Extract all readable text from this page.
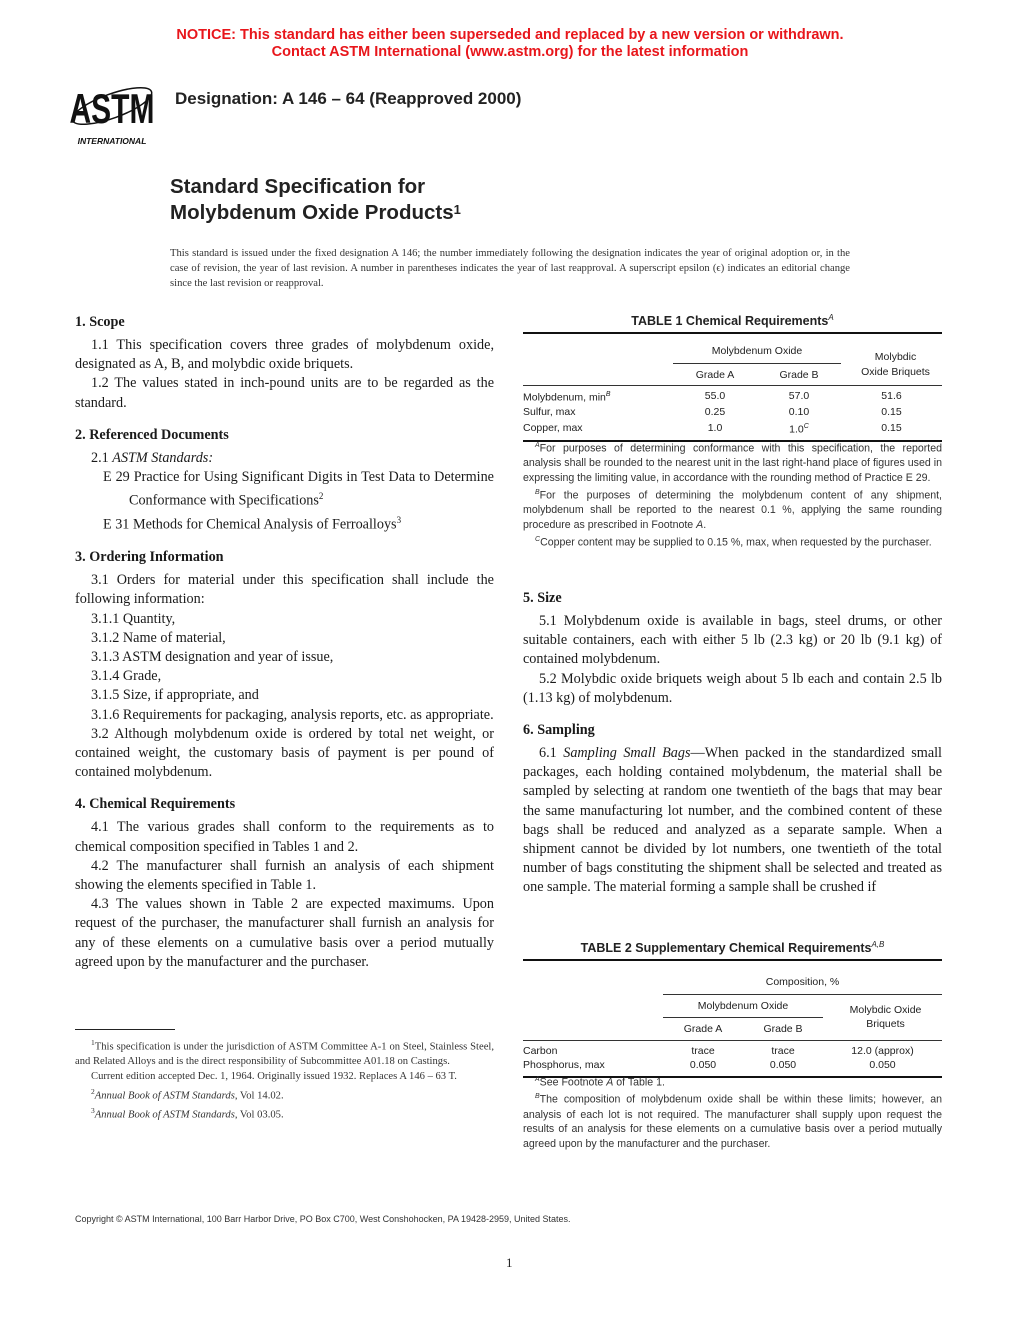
NOTICE: This standard has either been superseded and replaced by a new version or withdrawn.
Contact ASTM International (www.astm.org) for the latest information
ASTM
INTERNATIONAL
Designation: A 146 – 64 (Reapproved 2000)
Standard Specification for
Molybdenum Oxide Products$^1$
This standard is issued under the fixed designation A 146; the number immediately following the designation indicates the year of original adoption or, in the case of revision, the year of last revision. A number in parentheses indicates the year of last reapproval. A superscript epsilon (ϵ) indicates an editorial change since the last revision or reapproval.
1. Scope

1.1 This specification covers three grades of molybdenum oxide, designated as A, B, and molybdic oxide briquets.

1.2 The values stated in inch-pound units are to be regarded as the standard.

2. Referenced Documents

2.1 ASTM Standards:

E 29 Practice for Using Significant Digits in Test Data to Determine Conformance with Specifications$^2$

E 31 Methods for Chemical Analysis of Ferroalloys$^3$

3. Ordering Information

3.1 Orders for material under this specification shall include the following information:

3.1.1 Quantity,

3.1.2 Name of material,

3.1.3 ASTM designation and year of issue,

3.1.4 Grade,

3.1.5 Size, if appropriate, and

3.1.6 Requirements for packaging, analysis reports, etc. as appropriate.

3.2 Although molybdenum oxide is ordered by total net weight, or contained weight, the customary basis of payment is per pound of contained molybdenum.

4. Chemical Requirements

4.1 The various grades shall conform to the requirements as to chemical composition specified in Tables 1 and 2.

4.2 The manufacturer shall furnish an analysis of each shipment showing the elements specified in Table 1.

4.3 The values shown in Table 2 are expected maximums. Upon request of the purchaser, the manufacturer shall furnish an analysis for any of these elements on a cumulative basis over a period mutually agreed upon by the manufacturer and the purchaser.

$^1$This specification is under the jurisdiction of ASTM Committee A-1 on Steel, Stainless Steel, and Related Alloys and is the direct responsibility of Subcommittee A01.18 on Castings.

Current edition accepted Dec. 1, 1964. Originally issued 1932. Replaces A 146 – 63 T.

$^2$Annual Book of ASTM Standards, Vol 14.02.

$^3$Annual Book of ASTM Standards, Vol 03.05.

TABLE 1 Chemical Requirements$^A$

	Molybdenum Oxide		Molybdic
Oxide Briquets

	Grade A	Grade B	
Molybdenum, $\min^B$	55.0	57.0	51.6
Sulfur, max	0.25	0.10	0.15
Copper, max	1.0	$1.0^C$	0.15

$^A$For purposes of determining conformance with this specification, the reported analysis shall be rounded to the nearest unit in the last right-hand place of figures used in expressing the limiting value, in accordance with the rounding method of Practice E 29.

$^B$For the purposes of determining the molybdenum content of any shipment, molybdenum shall be reported to the nearest 0.1 %, applying the same rounding procedure as prescribed in Footnote A.

$^C$Copper content may be supplied to 0.15 %, max, when requested by the purchaser.

5. Size

5.1 Molybdenum oxide is available in bags, steel drums, or other suitable containers, each with either 5 lb (2.3 kg) or 20 lb (9.1 kg) of contained molybdenum.

5.2 Molybdic oxide briquets weigh about 5 lb each and contain 2.5 lb (1.13 kg) of molybdenum.

6. Sampling

6.1 Sampling Small Bags—When packed in the standardized small packages, each holding contained molybdenum, the material shall be sampled by selecting at random one twentieth of the bags that may bear the same manufacturing lot number, and the combined content of these bags shall be reduced and analyzed as a separate sample. When a shipment cannot be divided by lot numbers, one twentieth of the total number of bags constituting the shipment shall be selected and treated as one sample. The material forming a sample shall be crushed if

TABLE 2 Supplementary Chemical Requirements$^{A,B}$

	Composition, %		
	Molybdenum Oxide		Molybdic Oxide
Briquets

	Grade A	Grade B	
Carbon	trace	trace	12.0 (approx)
Phosphorus, max	0.050	0.050	0.050

$^A$See Footnote A of Table 1.

$^B$The composition of molybdenum oxide shall be within these limits; however, an analysis of each lot is not required. The manufacturer shall supply upon request the results of an analysis for these elements on a cumulative basis over a period mutually agreed upon by the manufacturer and the purchaser.

Copyright © ASTM International, 100 Barr Harbor Drive, PO Box C700, West Conshohocken, PA 19428-2959, United States.
1
